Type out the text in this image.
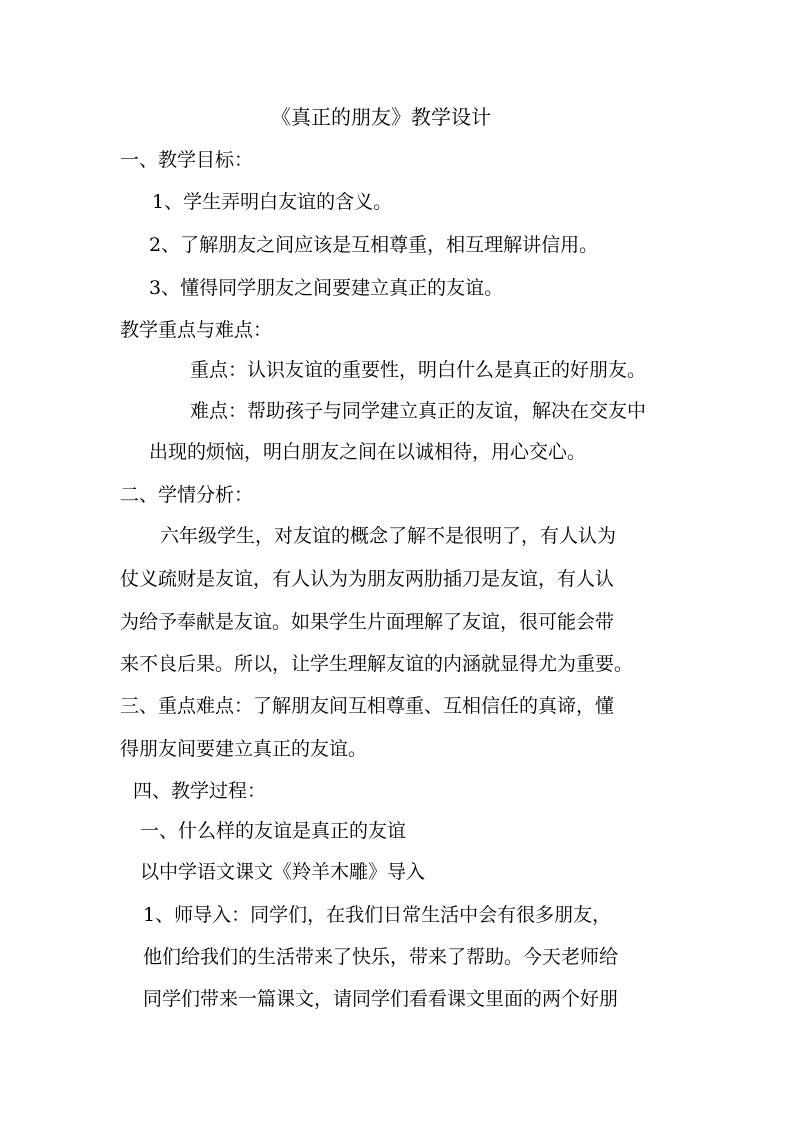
《真正的朋友》教学设计

一、教学目标：

1、学生弄明白友谊的含义。

2、了解朋友之间应该是互相尊重，相互理解讲信用。

3、懂得同学朋友之间要建立真正的友谊。

教学重点与难点：

重点：认识友谊的重要性，明白什么是真正的好朋友。

难点：帮助孩子与同学建立真正的友谊，解决在交友中

出现的烦恼，明白朋友之间在以诚相待，用心交心。

二、学情分析：

六年级学生，对友谊的概念了解不是很明了，有人认为

仗义疏财是友谊，有人认为为朋友两肋插刀是友谊，有人认

为给予奉献是友谊。如果学生片面理解了友谊，很可能会带

来不良后果。所以，让学生理解友谊的内涵就显得尤为重要。

三、重点难点：了解朋友间互相尊重、互相信任的真谛，懂

得朋友间要建立真正的友谊。

四、教学过程：

一、什么样的友谊是真正的友谊

以中学语文课文《羚羊木雕》导入

1、师导入：同学们，在我们日常生活中会有很多朋友，

他们给我们的生活带来了快乐，带来了帮助。今天老师给

同学们带来一篇课文，请同学们看看课文里面的两个好朋
